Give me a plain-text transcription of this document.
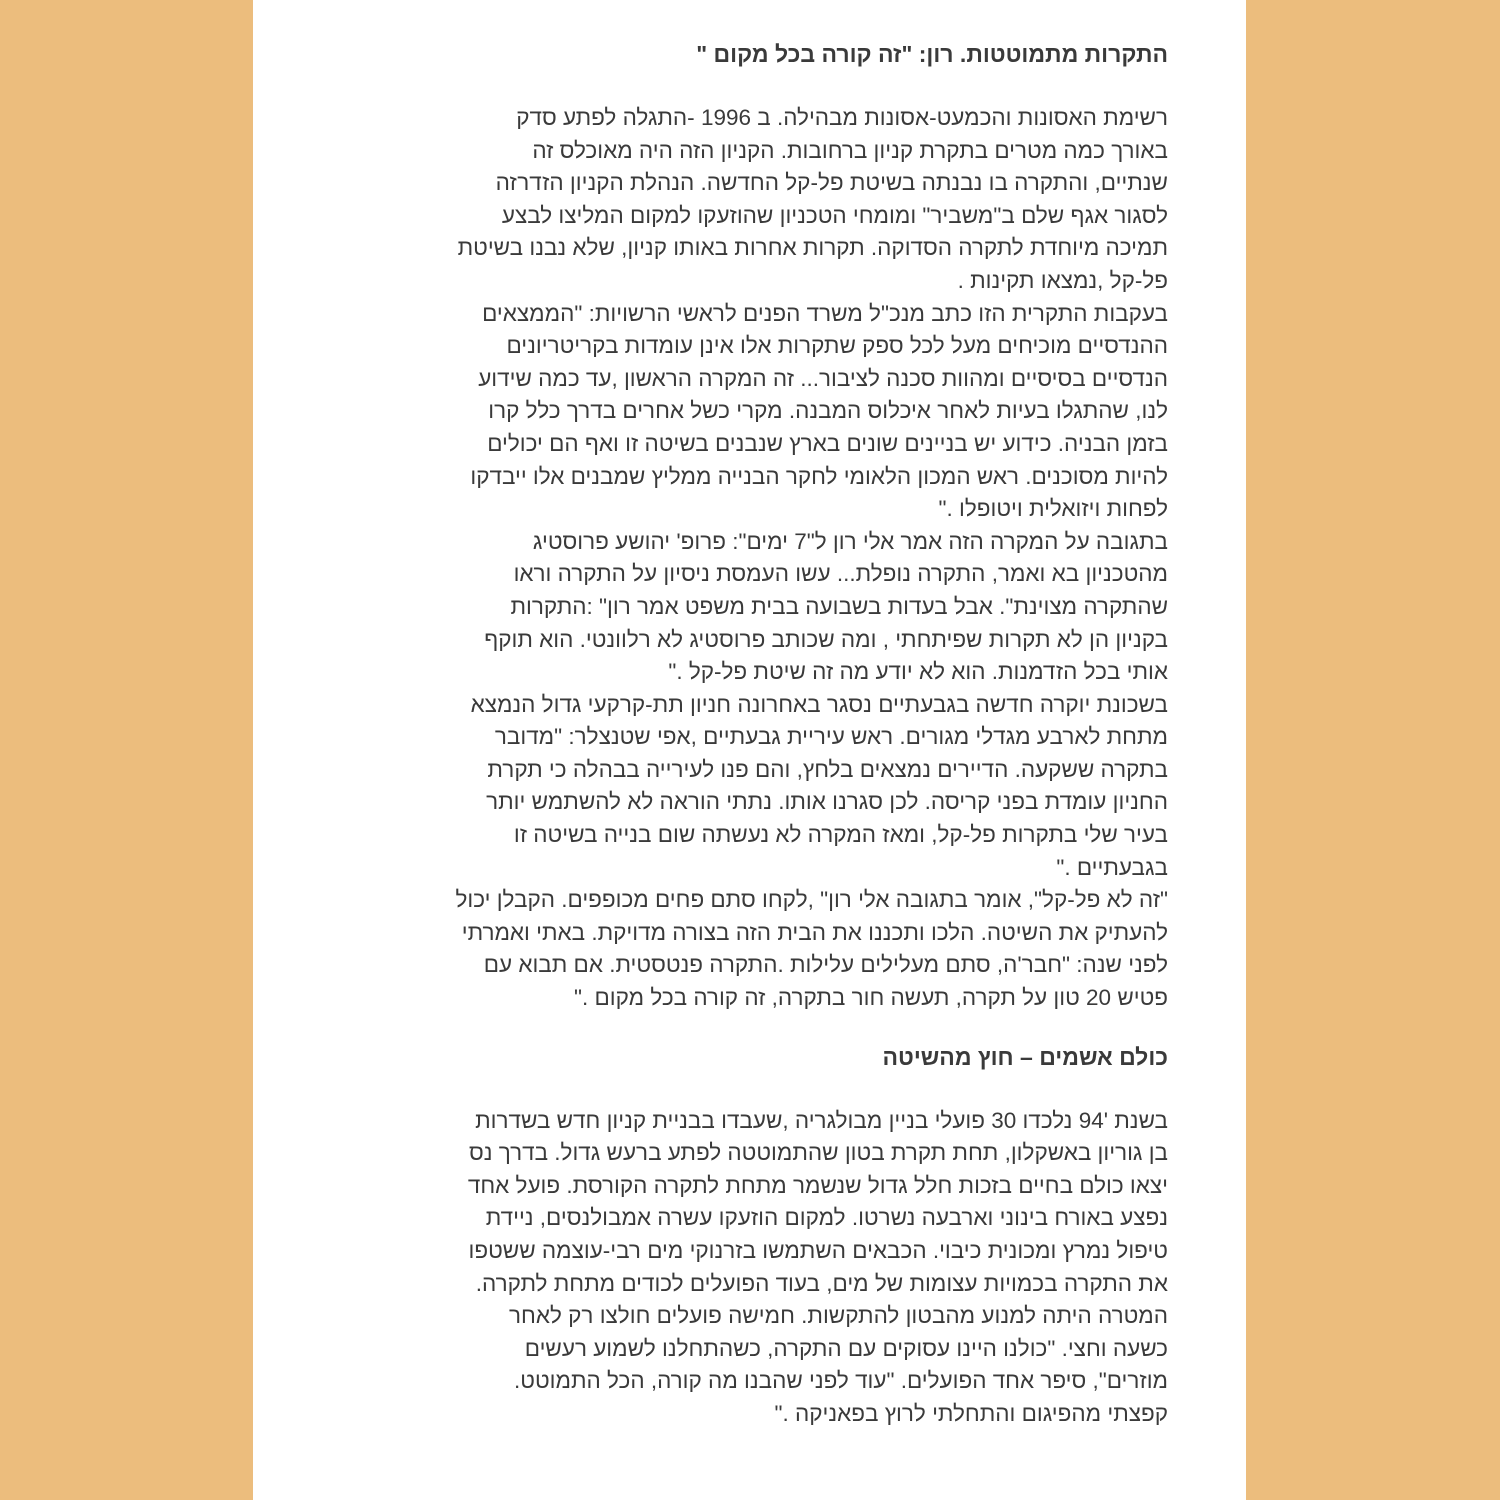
התקרות מתמוטטות. רון: "זה קורה בכל מקום "

רשימת האסונות והכמעט-אסונות מבהילה. ב 1996 -התגלה לפתע סדק
באורך כמה מטרים בתקרת קניון ברחובות. הקניון הזה היה מאוכלס זה
שנתיים, והתקרה בו נבנתה בשיטת פל-קל החדשה. הנהלת הקניון הזדרזה
לסגור אגף שלם ב"משביר" ומומחי הטכניון שהוזעקו למקום המליצו לבצע
תמיכה מיוחדת לתקרה הסדוקה. תקרות אחרות באותו קניון, שלא נבנו בשיטת
פל-קל ,נמצאו תקינות .

בעקבות התקרית הזו כתב מנכ"ל משרד הפנים לראשי הרשויות: "הממצאים
ההנדסיים מוכיחים מעל לכל ספק שתקרות אלו אינן עומדות בקריטריונים
הנדסיים בסיסיים ומהוות סכנה לציבור... זה המקרה הראשון ,עד כמה שידוע
לנו, שהתגלו בעיות לאחר איכלוס המבנה. מקרי כשל אחרים בדרך כלל קרו
בזמן הבניה. כידוע יש בניינים שונים בארץ שנבנים בשיטה זו ואף הם יכולים
להיות מסוכנים. ראש המכון הלאומי לחקר הבנייה ממליץ שמבנים אלו ייבדקו
לפחות ויזואלית ויטופלו ."

בתגובה על המקרה הזה אמר אלי רון ל"7 ימים": פרופ' יהושע פרוסטיג
מהטכניון בא ואמר, התקרה נופלת... עשו העמסת ניסיון על התקרה וראו
שהתקרה מצוינת". אבל בעדות בשבועה בבית משפט אמר רון" :התקרות
בקניון הן לא תקרות שפיתחתי , ומה שכותב פרוסטיג לא רלוונטי. הוא תוקף
אותי בכל הזדמנות. הוא לא יודע מה זה שיטת פל-קל ."

בשכונת יוקרה חדשה בגבעתיים נסגר באחרונה חניון תת-קרקעי גדול הנמצא
מתחת לארבע מגדלי מגורים. ראש עיריית גבעתיים ,אפי שטנצלר: "מדובר
בתקרה ששקעה. הדיירים נמצאים בלחץ, והם פנו לעירייה בבהלה כי תקרת
החניון עומדת בפני קריסה. לכן סגרנו אותו. נתתי הוראה לא להשתמש יותר
בעיר שלי בתקרות פל-קל, ומאז המקרה לא נעשתה שום בנייה בשיטה זו
בגבעתיים ."

"זה לא פל-קל", אומר בתגובה אלי רון" ,לקחו סתם פחים מכופפים. הקבלן יכול
להעתיק את השיטה. הלכו ותכננו את הבית הזה בצורה מדויקת. באתי ואמרתי
לפני שנה: "חבר'ה, סתם מעלילים עלילות .התקרה פנטסטית. אם תבוא עם
פטיש 20 טון על תקרה, תעשה חור בתקרה, זה קורה בכל מקום ."

כולם אשמים – חוץ מהשיטה

בשנת '94 נלכדו 30 פועלי בניין מבולגריה ,שעבדו בבניית קניון חדש בשדרות
בן גוריון באשקלון, תחת תקרת בטון שהתמוטטה לפתע ברעש גדול. בדרך נס
יצאו כולם בחיים בזכות חלל גדול שנשמר מתחת לתקרה הקורסת. פועל אחד
נפצע באורח בינוני וארבעה נשרטו. למקום הוזעקו עשרה אמבולנסים, ניידת
טיפול נמרץ ומכונית כיבוי. הכבאים השתמשו בזרנוקי מים רבי-עוצמה ששטפו
את התקרה בכמויות עצומות של מים, בעוד הפועלים לכודים מתחת לתקרה.
המטרה היתה למנוע מהבטון להתקשות. חמישה פועלים חולצו רק לאחר
כשעה וחצי. "כולנו היינו עסוקים עם התקרה, כשהתחלנו לשמוע רעשים
מוזרים", סיפר אחד הפועלים. "עוד לפני שהבנו מה קורה, הכל התמוטט.
קפצתי מהפיגום והתחלתי לרוץ בפאניקה ."
